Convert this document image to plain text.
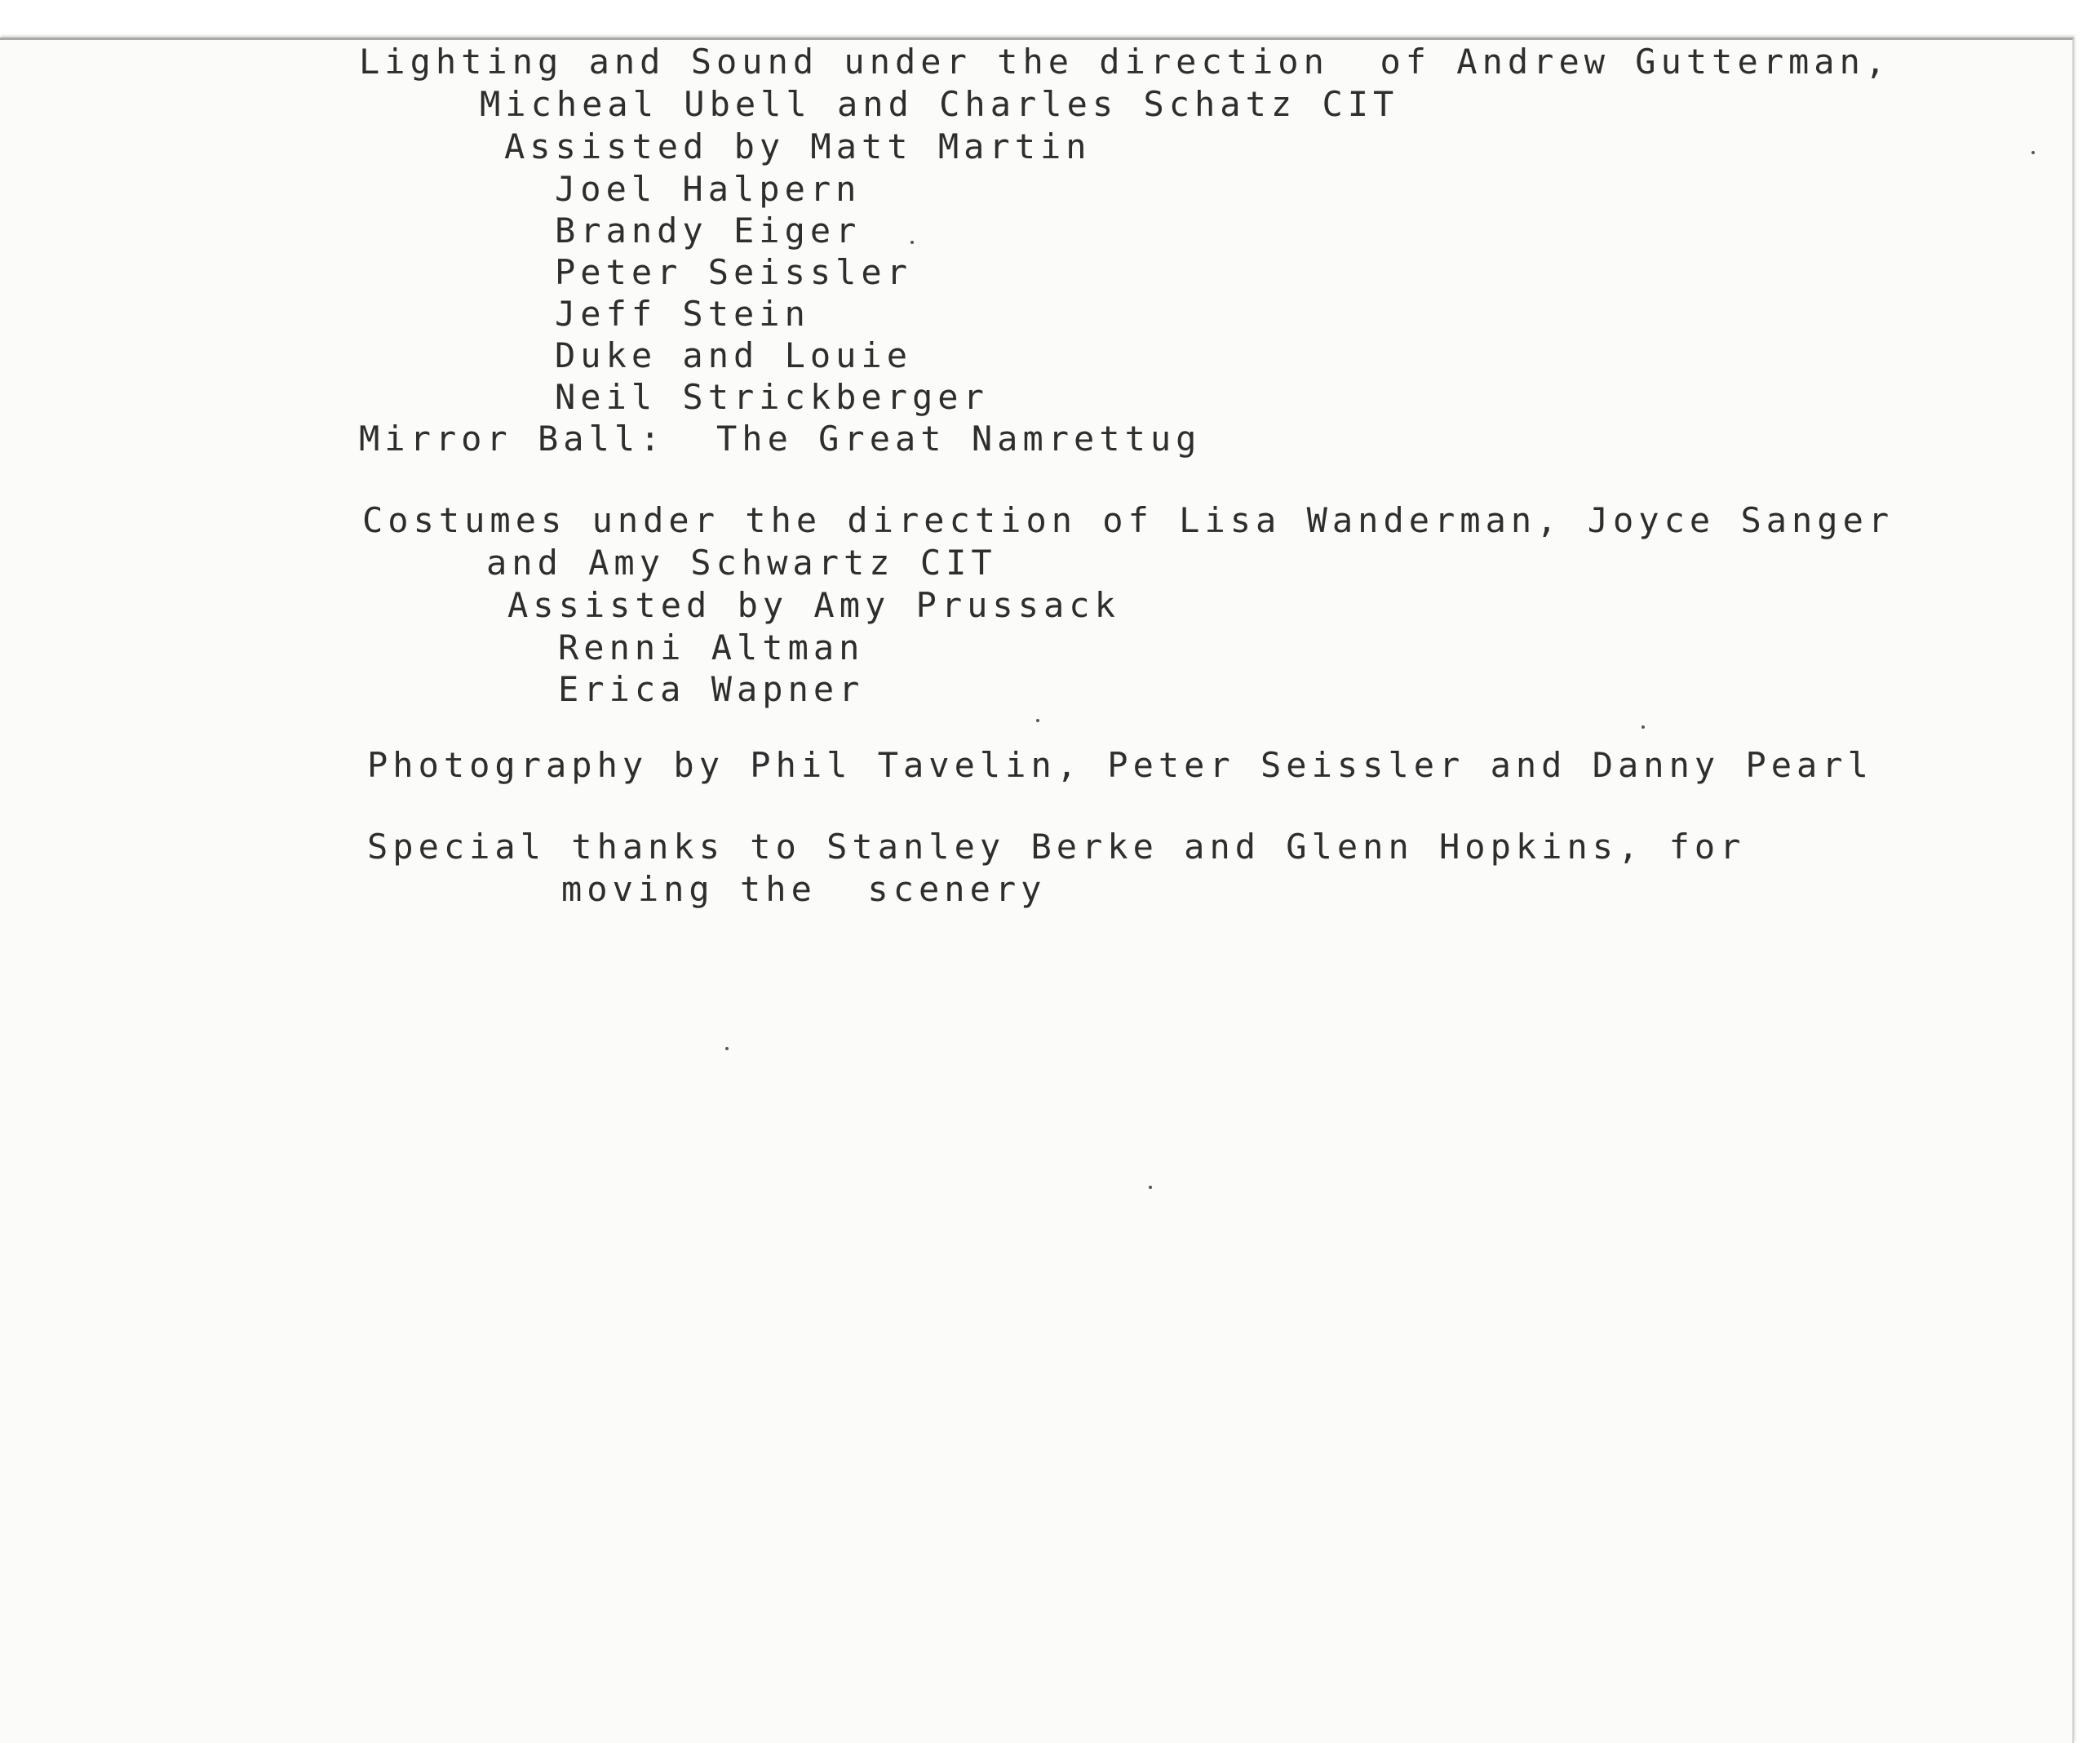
Lighting and Sound under the direction  of Andrew Gutterman,
Micheal Ubell and Charles Schatz CIT
Assisted by Matt Martin
Joel Halpern
Brandy Eiger
Peter Seissler
Jeff Stein
Duke and Louie
Neil Strickberger
Mirror Ball:  The Great Namrettug
Costumes under the direction of Lisa Wanderman, Joyce Sanger
and Amy Schwartz CIT
Assisted by Amy Prussack
Renni Altman
Erica Wapner
Photography by Phil Tavelin, Peter Seissler and Danny Pearl
Special thanks to Stanley Berke and Glenn Hopkins, for
moving the  scenery
